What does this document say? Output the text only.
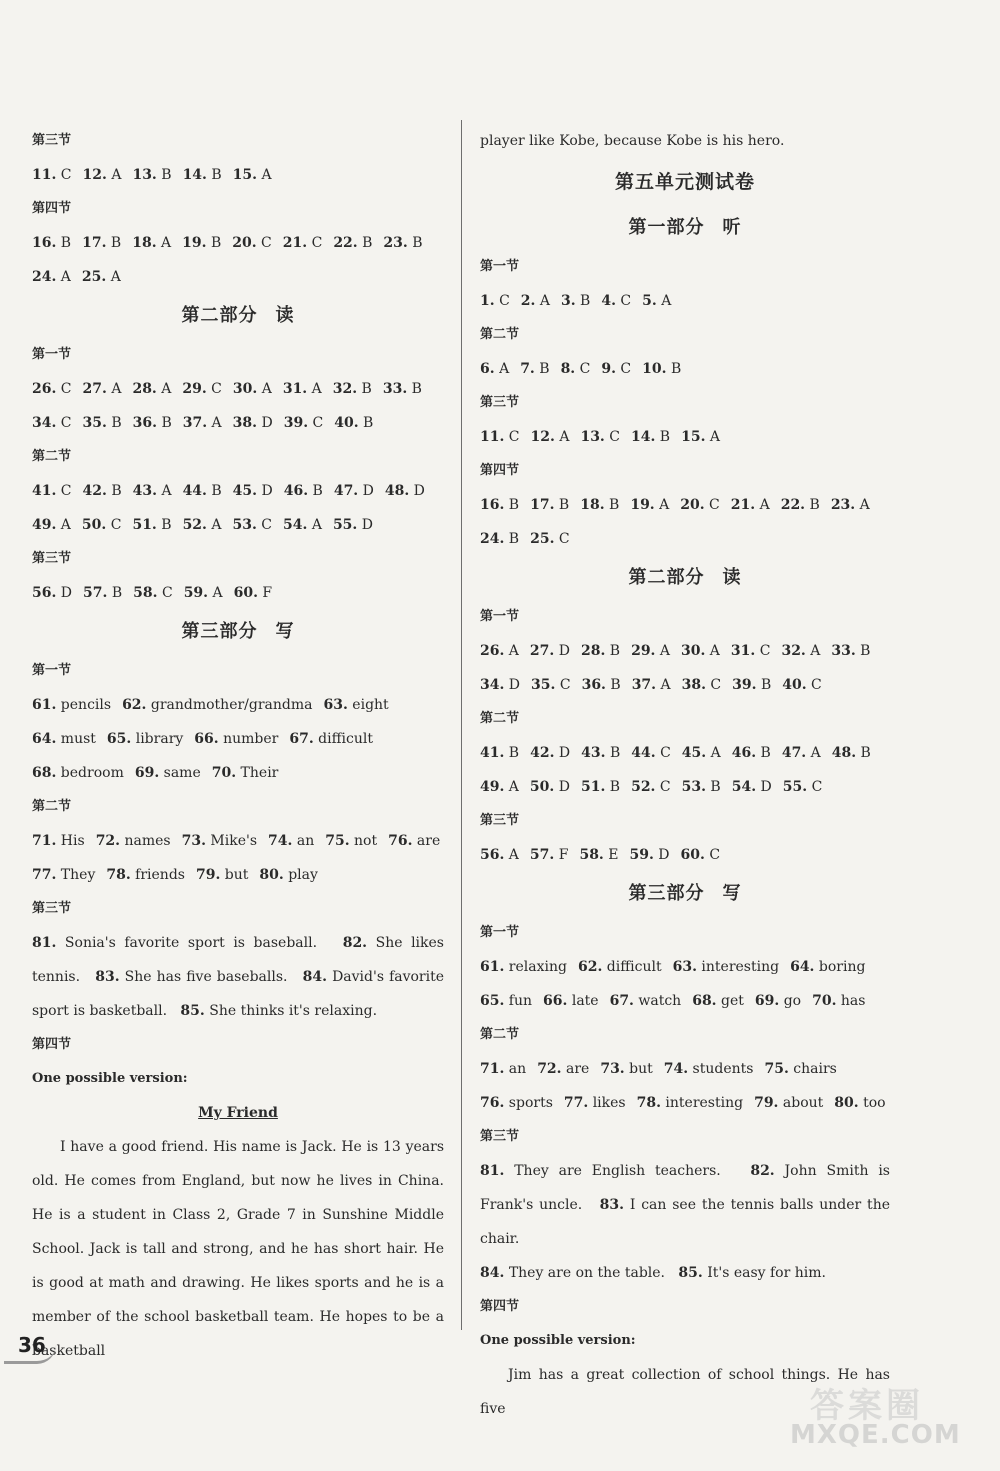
第三节
11. C 12. A 13. B 14. B 15. A
第四节
16. B 17. B 18. A 19. B 20. C 21. C 22. B 23. B
24. A 25. A
第二部分 读
第一节
26. C 27. A 28. A 29. C 30. A 31. A 32. B 33. B
34. C 35. B 36. B 37. A 38. D 39. C 40. B
第二节
41. C 42. B 43. A 44. B 45. D 46. B 47. D 48. D
49. A 50. C 51. B 52. A 53. C 54. A 55. D
第三节
56. D 57. B 58. C 59. A 60. F
第三部分 写
第一节
61. pencils 62. grandmother/grandma 63. eight
64. must 65. library 66. number 67. difficult
68. bedroom 69. same 70. Their
第二节
71. His 72. names 73. Mike's 74. an 75. not 76. are
77. They 78. friends 79. but 80. play
第三节
81. Sonia's favorite sport is baseball. 82. She likes tennis. 83. She has five baseballs. 84. David's favorite sport is basketball. 85. She thinks it's relaxing.
第四节
One possible version:
My Friend
I have a good friend. His name is Jack. He is 13 years old. He comes from England, but now he lives in China. He is a student in Class 2, Grade 7 in Sunshine Middle School. Jack is tall and strong, and he has short hair. He is good at math and drawing. He likes sports and he is a member of the school basketball team. He hopes to be a basketball
player like Kobe, because Kobe is his hero.
第五单元测试卷
第一部分 听
第一节
1. C 2. A 3. B 4. C 5. A
第二节
6. A 7. B 8. C 9. C 10. B
第三节
11. C 12. A 13. C 14. B 15. A
第四节
16. B 17. B 18. B 19. A 20. C 21. A 22. B 23. A
24. B 25. C
第二部分 读
第一节
26. A 27. D 28. B 29. A 30. A 31. C 32. A 33. B
34. D 35. C 36. B 37. A 38. C 39. B 40. C
第二节
41. B 42. D 43. B 44. C 45. A 46. B 47. A 48. B
49. A 50. D 51. B 52. C 53. B 54. D 55. C
第三节
56. A 57. F 58. E 59. D 60. C
第三部分 写
第一节
61. relaxing 62. difficult 63. interesting 64. boring
65. fun 66. late 67. watch 68. get 69. go 70. has
第二节
71. an 72. are 73. but 74. students 75. chairs
76. sports 77. likes 78. interesting 79. about 80. too
第三节
81. They are English teachers. 82. John Smith is Frank's uncle. 83. I can see the tennis balls under the chair.
84. They are on the table. 85. It's easy for him.
第四节
One possible version:
Jim has a great collection of school things. He has five
36
答案圈
MXQE.COM
